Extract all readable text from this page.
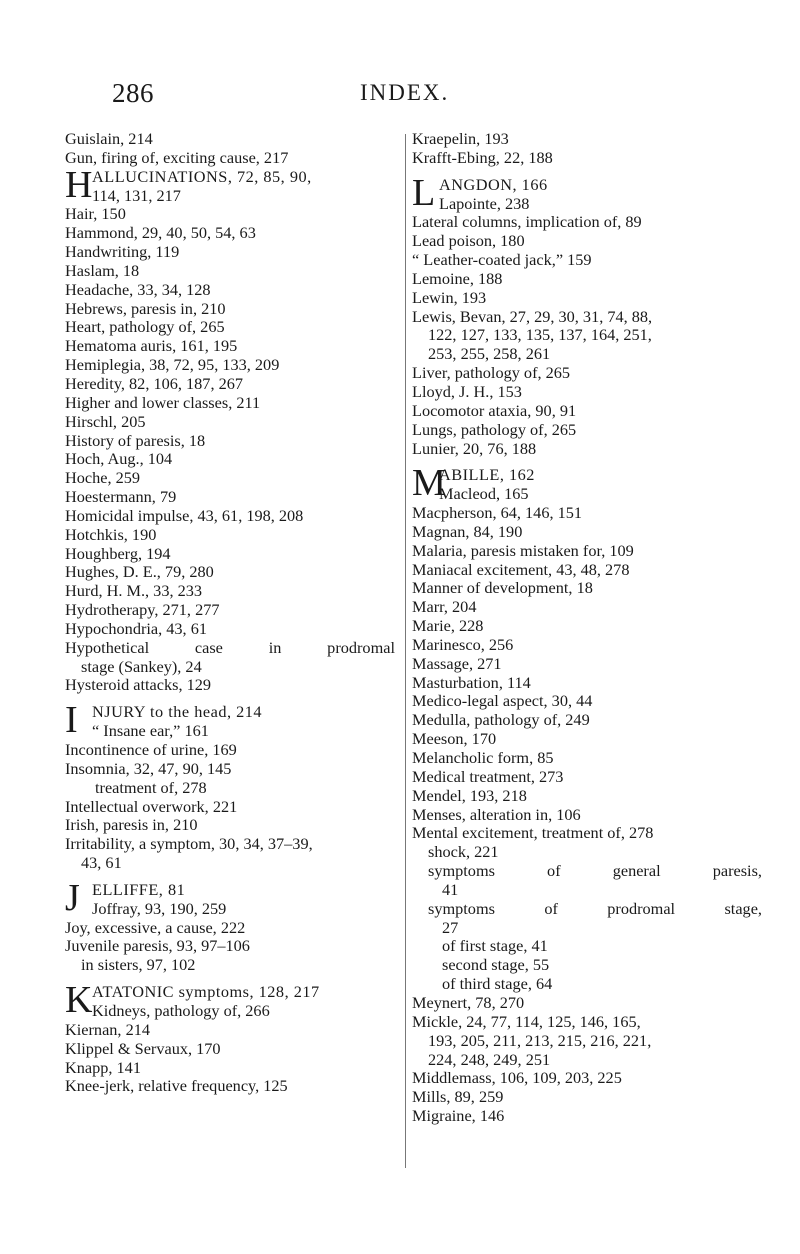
286	INDEX.
Guislain, 214
Gun, firing of, exciting cause, 217
H ALLUCINATIONS, 72, 85, 90,
114, 131, 217
Hair, 150
Hammond, 29, 40, 50, 54, 63
Handwriting, 119
Haslam, 18
Headache, 33, 34, 128
Hebrews, paresis in, 210
Heart, pathology of, 265
Hematoma auris, 161, 195
Hemiplegia, 38, 72, 95, 133, 209
Heredity, 82, 106, 187, 267
Higher and lower classes, 211
Hirschl, 205
History of paresis, 18
Hoch, Aug., 104
Hoche, 259
Hoestermann, 79
Homicidal impulse, 43, 61, 198, 208
Hotchkis, 190
Houghberg, 194
Hughes, D. E., 79, 280
Hurd, H. M., 33, 233
Hydrotherapy, 271, 277
Hypochondria, 43, 61
Hypothetical	case	in	prodromal
stage (Sankey), 24
Hysteroid attacks, 129
I NJURY to the head, 214
“ Insane ear,” 161
Incontinence of urine, 169
Insomnia, 32, 47, 90, 145
treatment of, 278
Intellectual overwork, 221
Irish, paresis in, 210
Irritability, a symptom, 30, 34, 37–39,
43, 61
J ELLIFFE, 81
Joffray, 93, 190, 259
Joy, excessive, a cause, 222
Juvenile paresis, 93, 97–106
in sisters, 97, 102
K ATATONIC symptoms, 128, 217
Kidneys, pathology of, 266
Kiernan, 214
Klippel & Servaux, 170
Knapp, 141
Knee-jerk, relative frequency, 125
Kraepelin, 193
Krafft-Ebing, 22, 188
L ANGDON, 166
Lapointe, 238
Lateral columns, implication of, 89
Lead poison, 180
“ Leather-coated jack,” 159
Lemoine, 188
Lewin, 193
Lewis, Bevan, 27, 29, 30, 31, 74, 88,
122, 127, 133, 135, 137, 164, 251,
253, 255, 258, 261
Liver, pathology of, 265
Lloyd, J. H., 153
Locomotor ataxia, 90, 91
Lungs, pathology of, 265
Lunier, 20, 76, 188
M
ABILLE, 162
Macleod, 165
Macpherson, 64, 146, 151
Magnan, 84, 190
Malaria, paresis mistaken for, 109
Maniacal excitement, 43, 48, 278
Manner of development, 18
Marr, 204
Marie, 228
Marinesco, 256
Massage, 271
Masturbation, 114
Medico-legal aspect, 30, 44
Medulla, pathology of, 249
Meeson, 170
Melancholic form, 85
Medical treatment, 273
Mendel, 193, 218
Menses, alteration in, 106
Mental excitement, treatment of, 278
shock, 221
symptoms	of	general	paresis,
41
symptoms	of	prodromal	stage,
27
of first stage, 41
second stage, 55
of third stage, 64
Meynert, 78, 270
Mickle, 24, 77, 114, 125, 146, 165,
193, 205, 211, 213, 215, 216, 221,
224, 248, 249, 251
Middlemass, 106, 109, 203, 225
Mills, 89, 259
Migraine, 146
